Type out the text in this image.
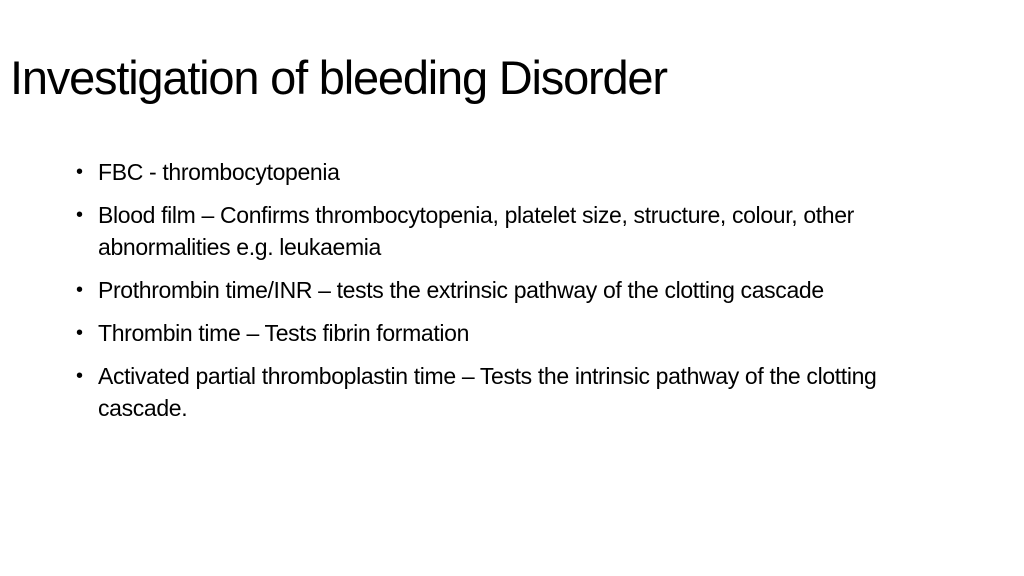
Investigation of bleeding Disorder
• FBC - thrombocytopenia
• Blood film – Confirms thrombocytopenia, platelet size, structure, colour, other abnormalities e.g. leukaemia
• Prothrombin time/INR – tests the extrinsic pathway of the clotting cascade
• Thrombin time – Tests fibrin formation
• Activated partial thromboplastin time – Tests the intrinsic pathway of the clotting cascade.
